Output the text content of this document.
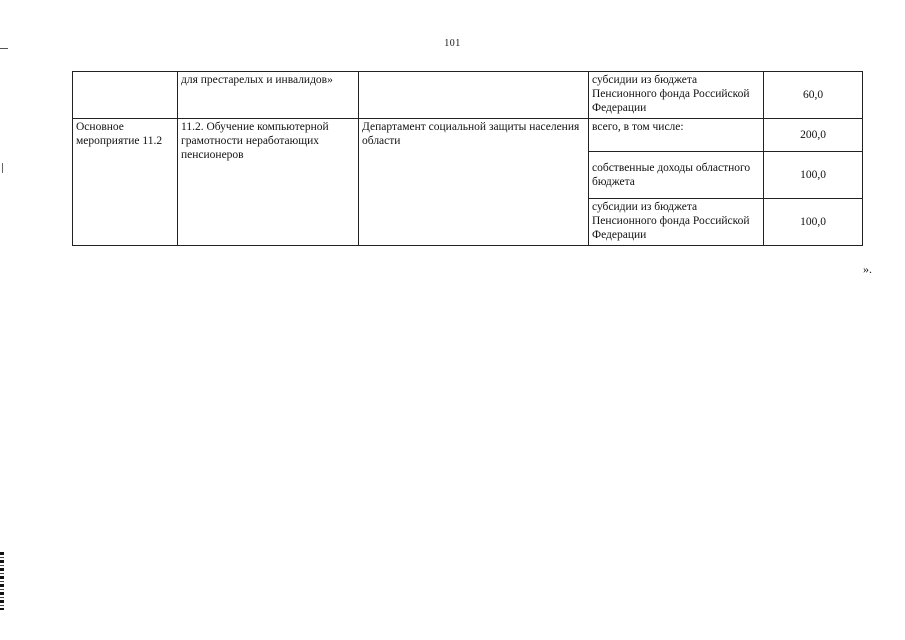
101
	для престарелых и инвалидов»		субсидии из бюджета Пенсионного фонда Российской Федерации	60,0
Основное мероприятие 11.2	11.2. Обучение компьютерной грамотности неработающих пенсионеров	Департамент социальной защиты населения области	всего, в том числе:	200,0
			собственные доходы областного бюджета	100,0
			субсидии из бюджета Пенсионного фонда Российской Федерации	100,0
».
